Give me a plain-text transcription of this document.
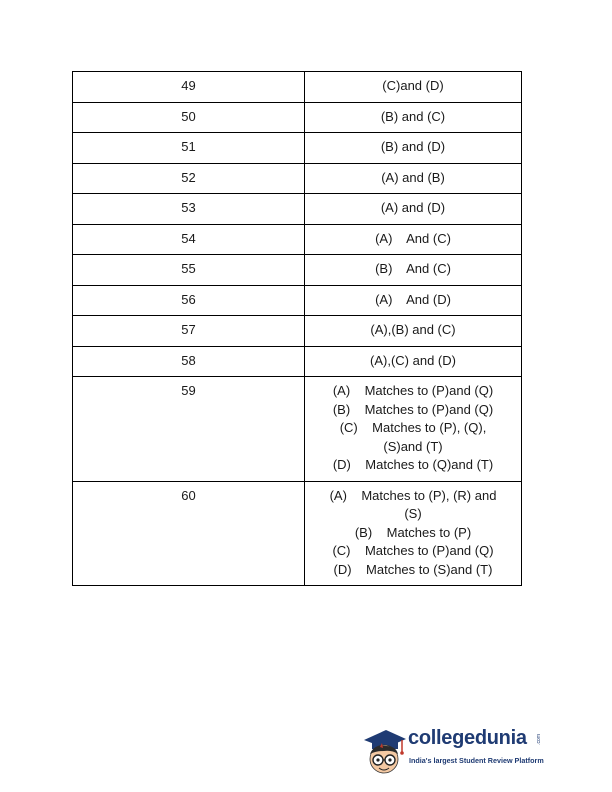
49	(C)and (D)

50	(B) and (C)

51	(B) and (D)

52	(A) and (B)

53	(A) and (D)

54	(A)    And (C)

55	(B)    And (C)

56	(A)    And (D)

57	(A),(B) and (C)

58	(A),(C) and (D)

59	(A)    Matches to (P)and (Q)
(B)    Matches to (P)and (Q)
(C)    Matches to (P), (Q),
(S)and (T)
(D)    Matches to (Q)and (T)

60	(A)    Matches to (P), (R) and
(S)
(B)    Matches to (P)
(C)    Matches to (P)and (Q)
(D)    Matches to (S)and (T)
collegedunia .com
India's largest Student Review Platform
